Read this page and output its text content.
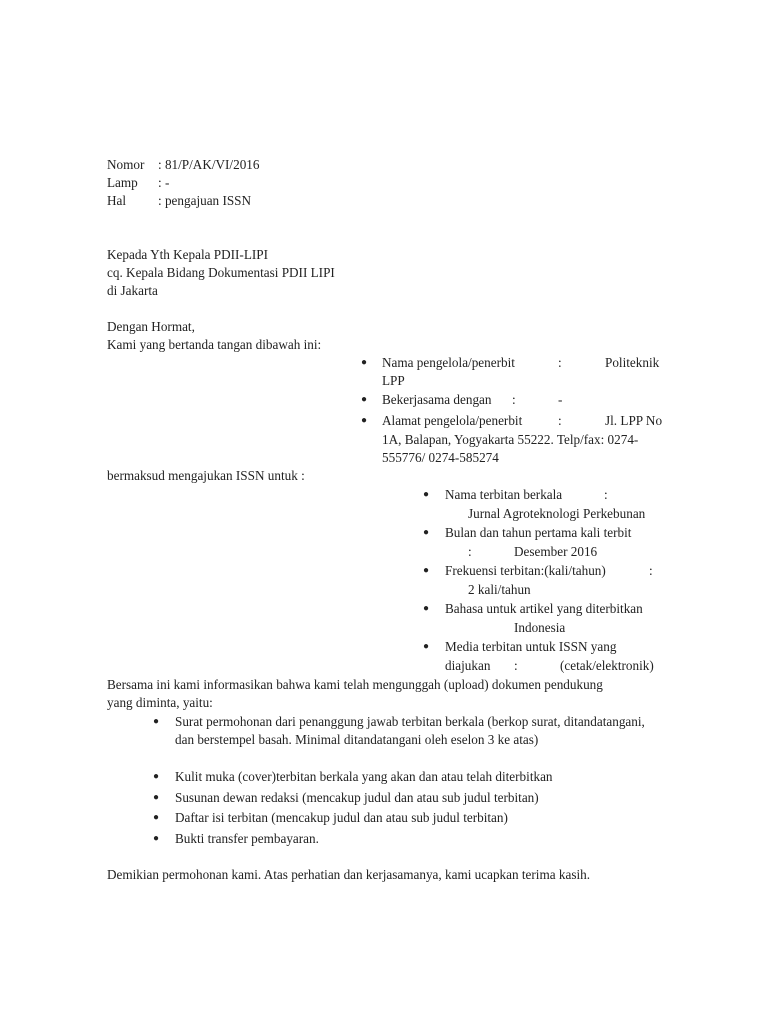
Nomor : 81/P/AK/VI/2016
Lamp : -
Hal : pengajuan ISSN
Kepada Yth Kepala PDII-LIPI
cq. Kepala Bidang Dokumentasi PDII LIPI
di Jakarta
Dengan Hormat,
Kami yang bertanda tangan dibawah ini:
● Nama pengelola/penerbit	:	Politeknik
LPP
● Bekerjasama dengan :	-
● Alamat pengelola/penerbit	:	Jl. LPP No
1A, Balapan, Yogyakarta 55222. Telp/fax: 0274-
555776/ 0274-585274
bermaksud mengajukan ISSN untuk :
● Nama terbitan berkala	:
Jurnal Agroteknologi Perkebunan
● Bulan dan tahun pertama kali terbit
:	Desember 2016
● Frekuensi terbitan:(kali/tahun)	:
2 kali/tahun
● Bahasa untuk artikel yang diterbitkan
Indonesia
● Media terbitan untuk ISSN yang
diajukan :	(cetak/elektronik)
Bersama ini kami informasikan bahwa kami telah mengunggah (upload) dokumen pendukung
yang diminta, yaitu:
● Surat permohonan dari penanggung jawab terbitan berkala (berkop surat, ditandatangani, dan berstempel basah. Minimal ditandatangani oleh eselon 3 ke atas)
● Kulit muka (cover)terbitan berkala yang akan dan atau telah diterbitkan
● Susunan dewan redaksi (mencakup judul dan atau sub judul terbitan)
● Daftar isi terbitan (mencakup judul dan atau sub judul terbitan)
● Bukti transfer pembayaran.
Demikian permohonan kami. Atas perhatian dan kerjasamanya, kami ucapkan terima kasih.
